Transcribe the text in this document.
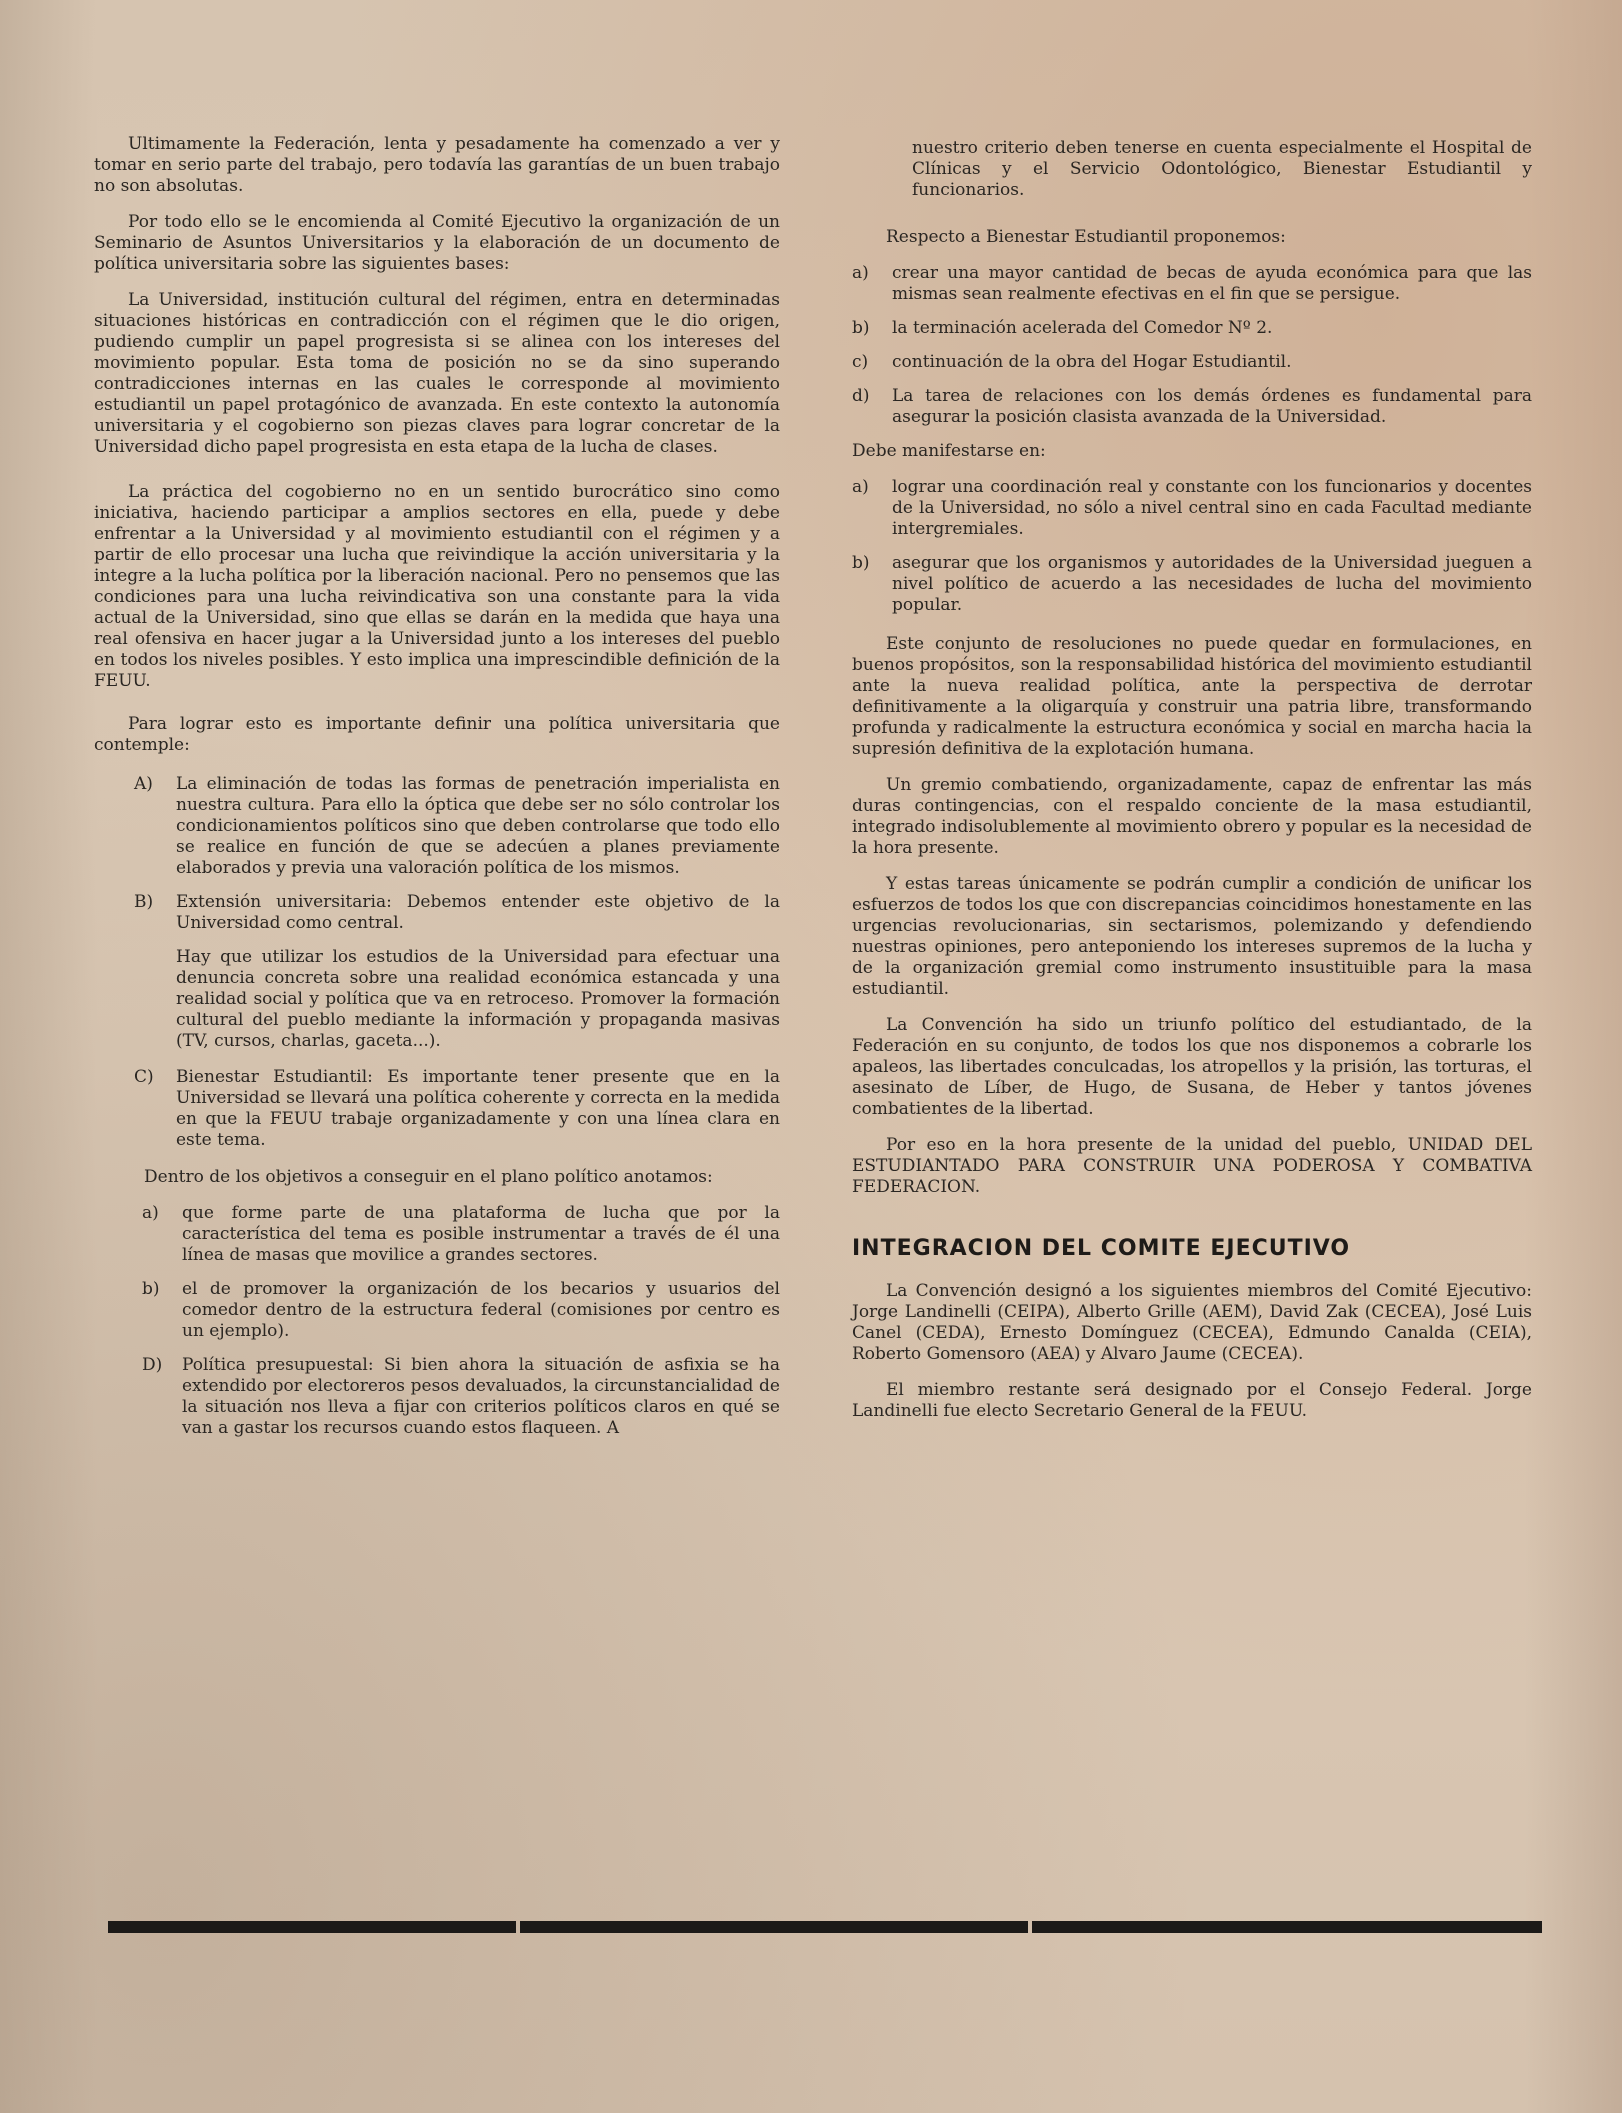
Ultimamente la Federación, lenta y pesadamente ha comenzado a ver y tomar en serio parte del trabajo, pero todavía las garantías de un buen trabajo no son absolutas.

Por todo ello se le encomienda al Comité Ejecutivo la organización de un Seminario de Asuntos Universitarios y la elaboración de un documento de política universitaria sobre las siguientes bases:

La Universidad, institución cultural del régimen, entra en determinadas situaciones históricas en contradicción con el régimen que le dio origen, pudiendo cumplir un papel progresista si se alinea con los intereses del movimiento popular. Esta toma de posición no se da sino superando contradicciones internas en las cuales le corresponde al movimiento estudiantil un papel protagónico de avanzada. En este contexto la autonomía universitaria y el cogobierno son piezas claves para lograr concretar de la Universidad dicho papel progresista en esta etapa de la lucha de clases.

La práctica del cogobierno no en un sentido burocrático sino como iniciativa, haciendo participar a amplios sectores en ella, puede y debe enfrentar a la Universidad y al movimiento estudiantil con el régimen y a partir de ello procesar una lucha que reivindique la acción universitaria y la integre a la lucha política por la liberación nacional. Pero no pensemos que las condiciones para una lucha reivindicativa son una constante para la vida actual de la Universidad, sino que ellas se darán en la medida que haya una real ofensiva en hacer jugar a la Universidad junto a los intereses del pueblo en todos los niveles posibles. Y esto implica una imprescindible definición de la FEUU.

Para lograr esto es importante definir una política universitaria que contemple:

A)	La eliminación de todas las formas de penetración imperialista en nuestra cultura. Para ello la óptica que debe ser no sólo controlar los condicionamientos políticos sino que deben controlarse que todo ello se realice en función de que se adecúen a planes previamente elaborados y previa una valoración política de los mismos.
B)	Extensión universitaria: Debemos entender este objetivo de la Universidad como central.

Hay que utilizar los estudios de la Universidad para efectuar una denuncia concreta sobre una realidad económica estancada y una realidad social y política que va en retroceso. Promover la formación cultural del pueblo mediante la información y propaganda masivas (TV, cursos, charlas, gaceta...).

C)	Bienestar Estudiantil: Es importante tener presente que en la Universidad se llevará una política coherente y correcta en la medida en que la FEUU trabaje organizadamente y con una línea clara en este tema.

Dentro de los objetivos a conseguir en el plano político anotamos:

a)	que forme parte de una plataforma de lucha que por la característica del tema es posible instrumentar a través de él una línea de masas que movilice a grandes sectores.
b)	el de promover la organización de los becarios y usuarios del comedor dentro de la estructura federal (comisiones por centro es un ejemplo).
D)	Política presupuestal: Si bien ahora la situación de asfixia se ha extendido por electoreros pesos devaluados, la circunstancialidad de la situación nos lleva a fijar con criterios políticos claros en qué se van a gastar los recursos cuando estos flaqueen. A

nuestro criterio deben tenerse en cuenta especialmente el Hospital de Clínicas y el Servicio Odontológico, Bienestar Estudiantil y funcionarios.

Respecto a Bienestar Estudiantil proponemos:

a)	crear una mayor cantidad de becas de ayuda económica para que las mismas sean realmente efectivas en el fin que se persigue.
b)	la terminación acelerada del Comedor Nº 2.
c)	continuación de la obra del Hogar Estudiantil.
d)	La tarea de relaciones con los demás órdenes es fundamental para asegurar la posición clasista avanzada de la Universidad.

Debe manifestarse en:

a)	lograr una coordinación real y constante con los funcionarios y docentes de la Universidad, no sólo a nivel central sino en cada Facultad mediante intergremiales.
b)	asegurar que los organismos y autoridades de la Universidad jueguen a nivel político de acuerdo a las necesidades de lucha del movimiento popular.

Este conjunto de resoluciones no puede quedar en formulaciones, en buenos propósitos, son la responsabilidad histórica del movimiento estudiantil ante la nueva realidad política, ante la perspectiva de derrotar definitivamente a la oligarquía y construir una patria libre, transformando profunda y radicalmente la estructura económica y social en marcha hacia la supresión definitiva de la explotación humana.

Un gremio combatiendo, organizadamente, capaz de enfrentar las más duras contingencias, con el respaldo conciente de la masa estudiantil, integrado indisolublemente al movimiento obrero y popular es la necesidad de la hora presente.

Y estas tareas únicamente se podrán cumplir a condición de unificar los esfuerzos de todos los que con discrepancias coincidimos honestamente en las urgencias revolucionarias, sin sectarismos, polemizando y defendiendo nuestras opiniones, pero anteponiendo los intereses supremos de la lucha y de la organización gremial como instrumento insustituible para la masa estudiantil.

La Convención ha sido un triunfo político del estudiantado, de la Federación en su conjunto, de todos los que nos disponemos a cobrarle los apaleos, las libertades conculcadas, los atropellos y la prisión, las torturas, el asesinato de Líber, de Hugo, de Susana, de Heber y tantos jóvenes combatientes de la libertad.

Por eso en la hora presente de la unidad del pueblo, UNIDAD DEL ESTUDIANTADO PARA CONSTRUIR UNA PODEROSA Y COMBATIVA FEDERACION.

INTEGRACION DEL COMITE EJECUTIVO

La Convención designó a los siguientes miembros del Comité Ejecutivo: Jorge Landinelli (CEIPA), Alberto Grille (AEM), David Zak (CECEA), José Luis Canel (CEDA), Ernesto Domínguez (CECEA), Edmundo Canalda (CEIA), Roberto Gomensoro (AEA) y Alvaro Jaume (CECEA).

El miembro restante será designado por el Consejo Federal. Jorge Landinelli fue electo Secretario General de la FEUU.
